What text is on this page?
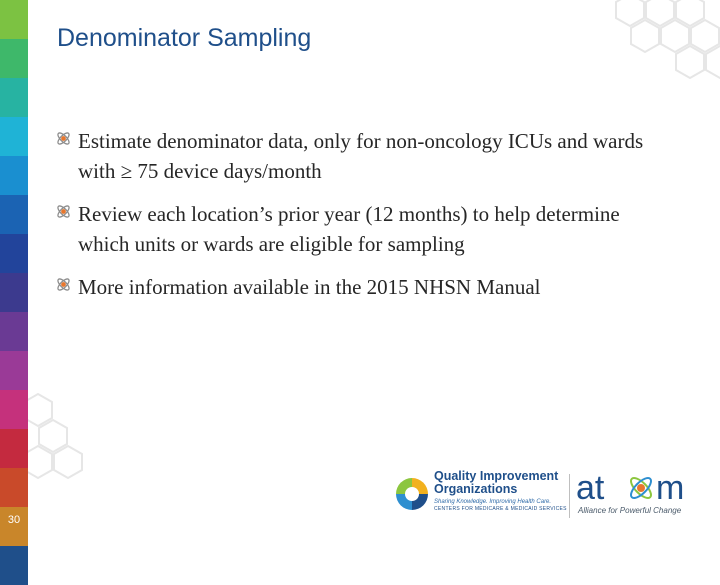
30
Denominator Sampling
Estimate denominator data, only for non-oncology ICUs and wards with ≥ 75 device days/month
Review each location’s prior year (12 months) to help determine which units or wards are eligible for sampling
More information available in the 2015 NHSN Manual
Quality Improvement
Organizations
Sharing Knowledge. Improving Health Care.
CENTERS FOR MEDICARE & MEDICAID SERVICES
at m
Alliance for Powerful Change
